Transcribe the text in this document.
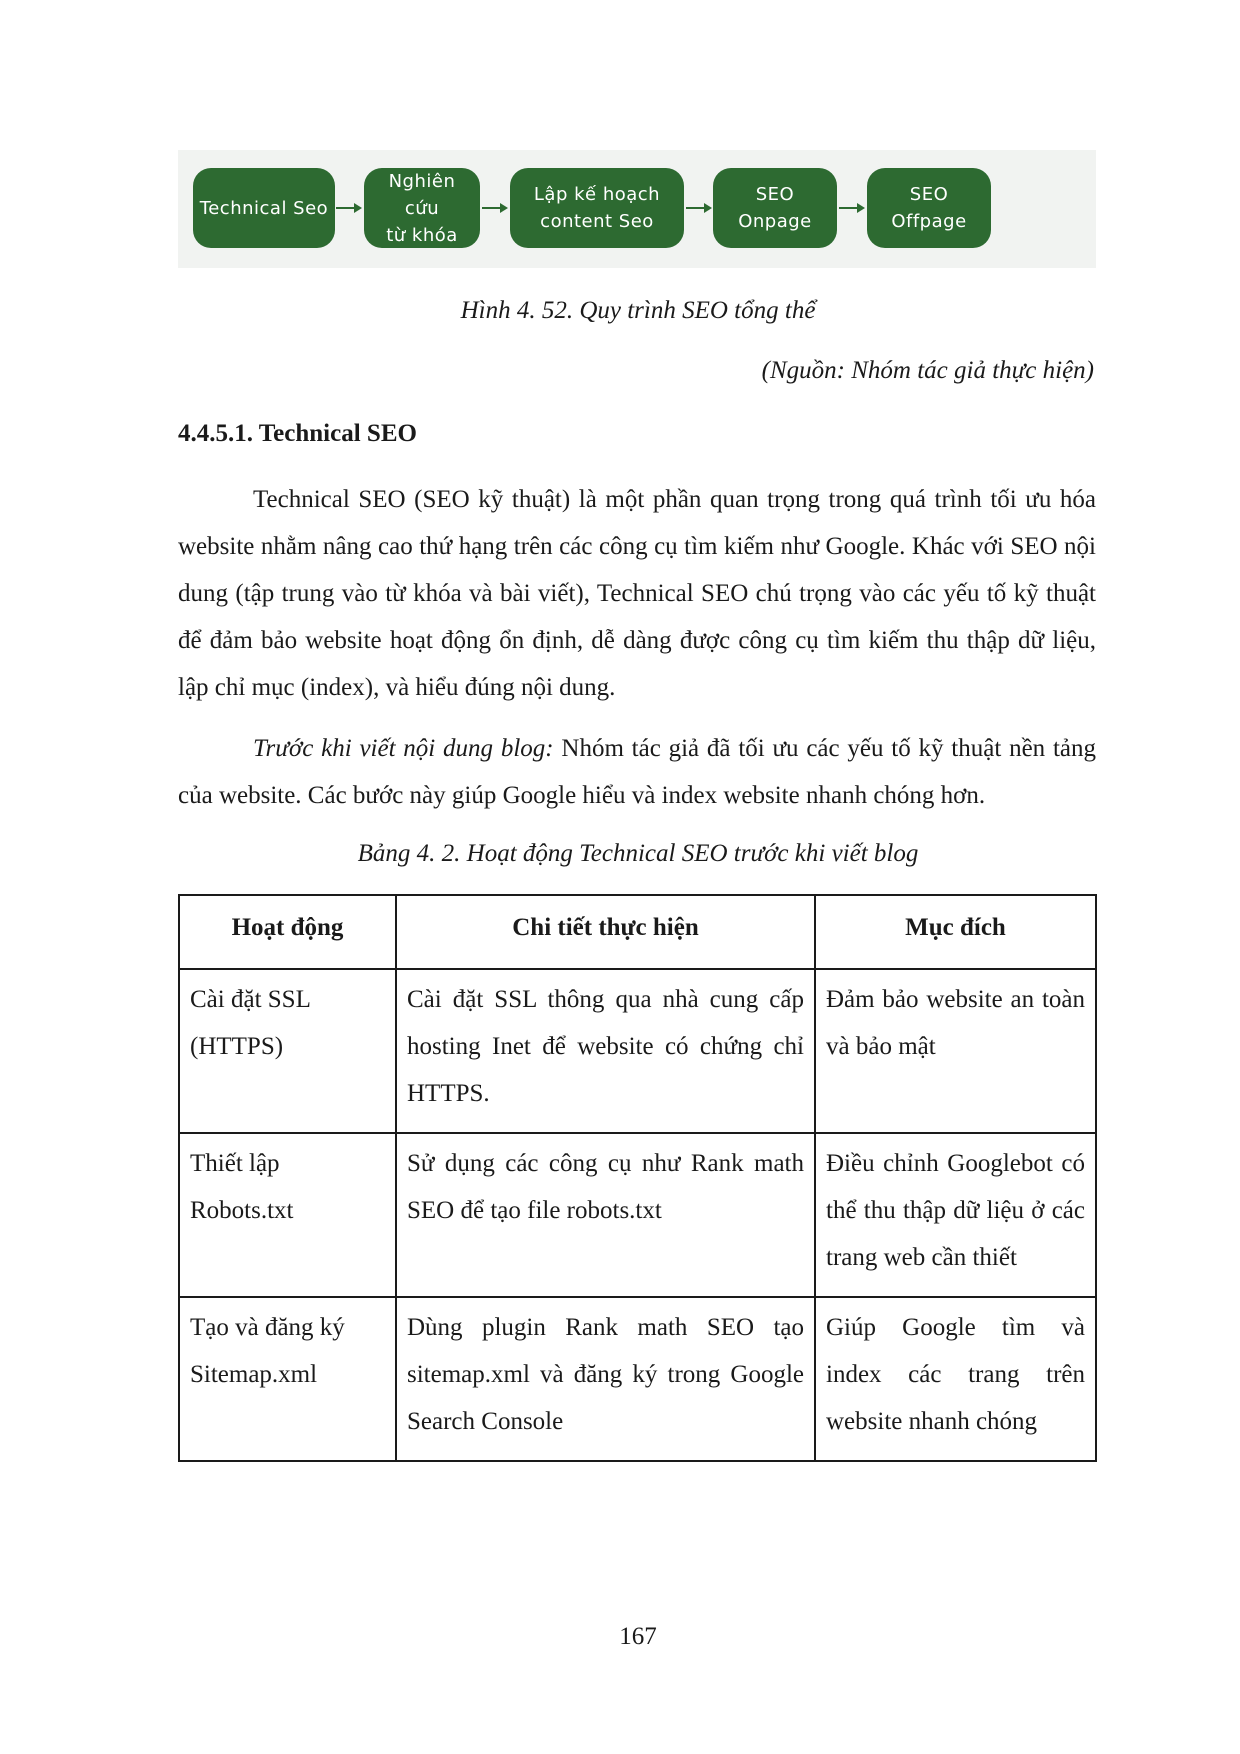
Technical Seo
Nghiên cứu
từ khóa
Lập kế hoạch
content Seo
SEO
Onpage
SEO
Offpage
Hình 4. 52. Quy trình SEO tổng thể
(Nguồn: Nhóm tác giả thực hiện)
4.4.5.1. Technical SEO

Technical SEO (SEO kỹ thuật) là một phần quan trọng trong quá trình tối ưu hóa website nhằm nâng cao thứ hạng trên các công cụ tìm kiếm như Google. Khác với SEO nội dung (tập trung vào từ khóa và bài viết), Technical SEO chú trọng vào các yếu tố kỹ thuật để đảm bảo website hoạt động ổn định, dễ dàng được công cụ tìm kiếm thu thập dữ liệu, lập chỉ mục (index), và hiểu đúng nội dung.

Trước khi viết nội dung blog: Nhóm tác giả đã tối ưu các yếu tố kỹ thuật nền tảng của website. Các bước này giúp Google hiểu và index website nhanh chóng hơn.

Bảng 4. 2. Hoạt động Technical SEO trước khi viết blog
Hoạt động	Chi tiết thực hiện	Mục đích
Cài đặt SSL (HTTPS)	Cài đặt SSL thông qua nhà cung cấp hosting Inet để website có chứng chỉ HTTPS.	Đảm bảo website an toàn và bảo mật
Thiết lập Robots.txt	Sử dụng các công cụ như Rank math SEO để tạo file robots.txt	Điều chỉnh Googlebot có thể thu thập dữ liệu ở các trang web cần thiết
Tạo và đăng ký Sitemap.xml	Dùng plugin Rank math SEO tạo sitemap.xml và đăng ký trong Google Search Console	Giúp Google tìm và index các trang trên website nhanh chóng
167
